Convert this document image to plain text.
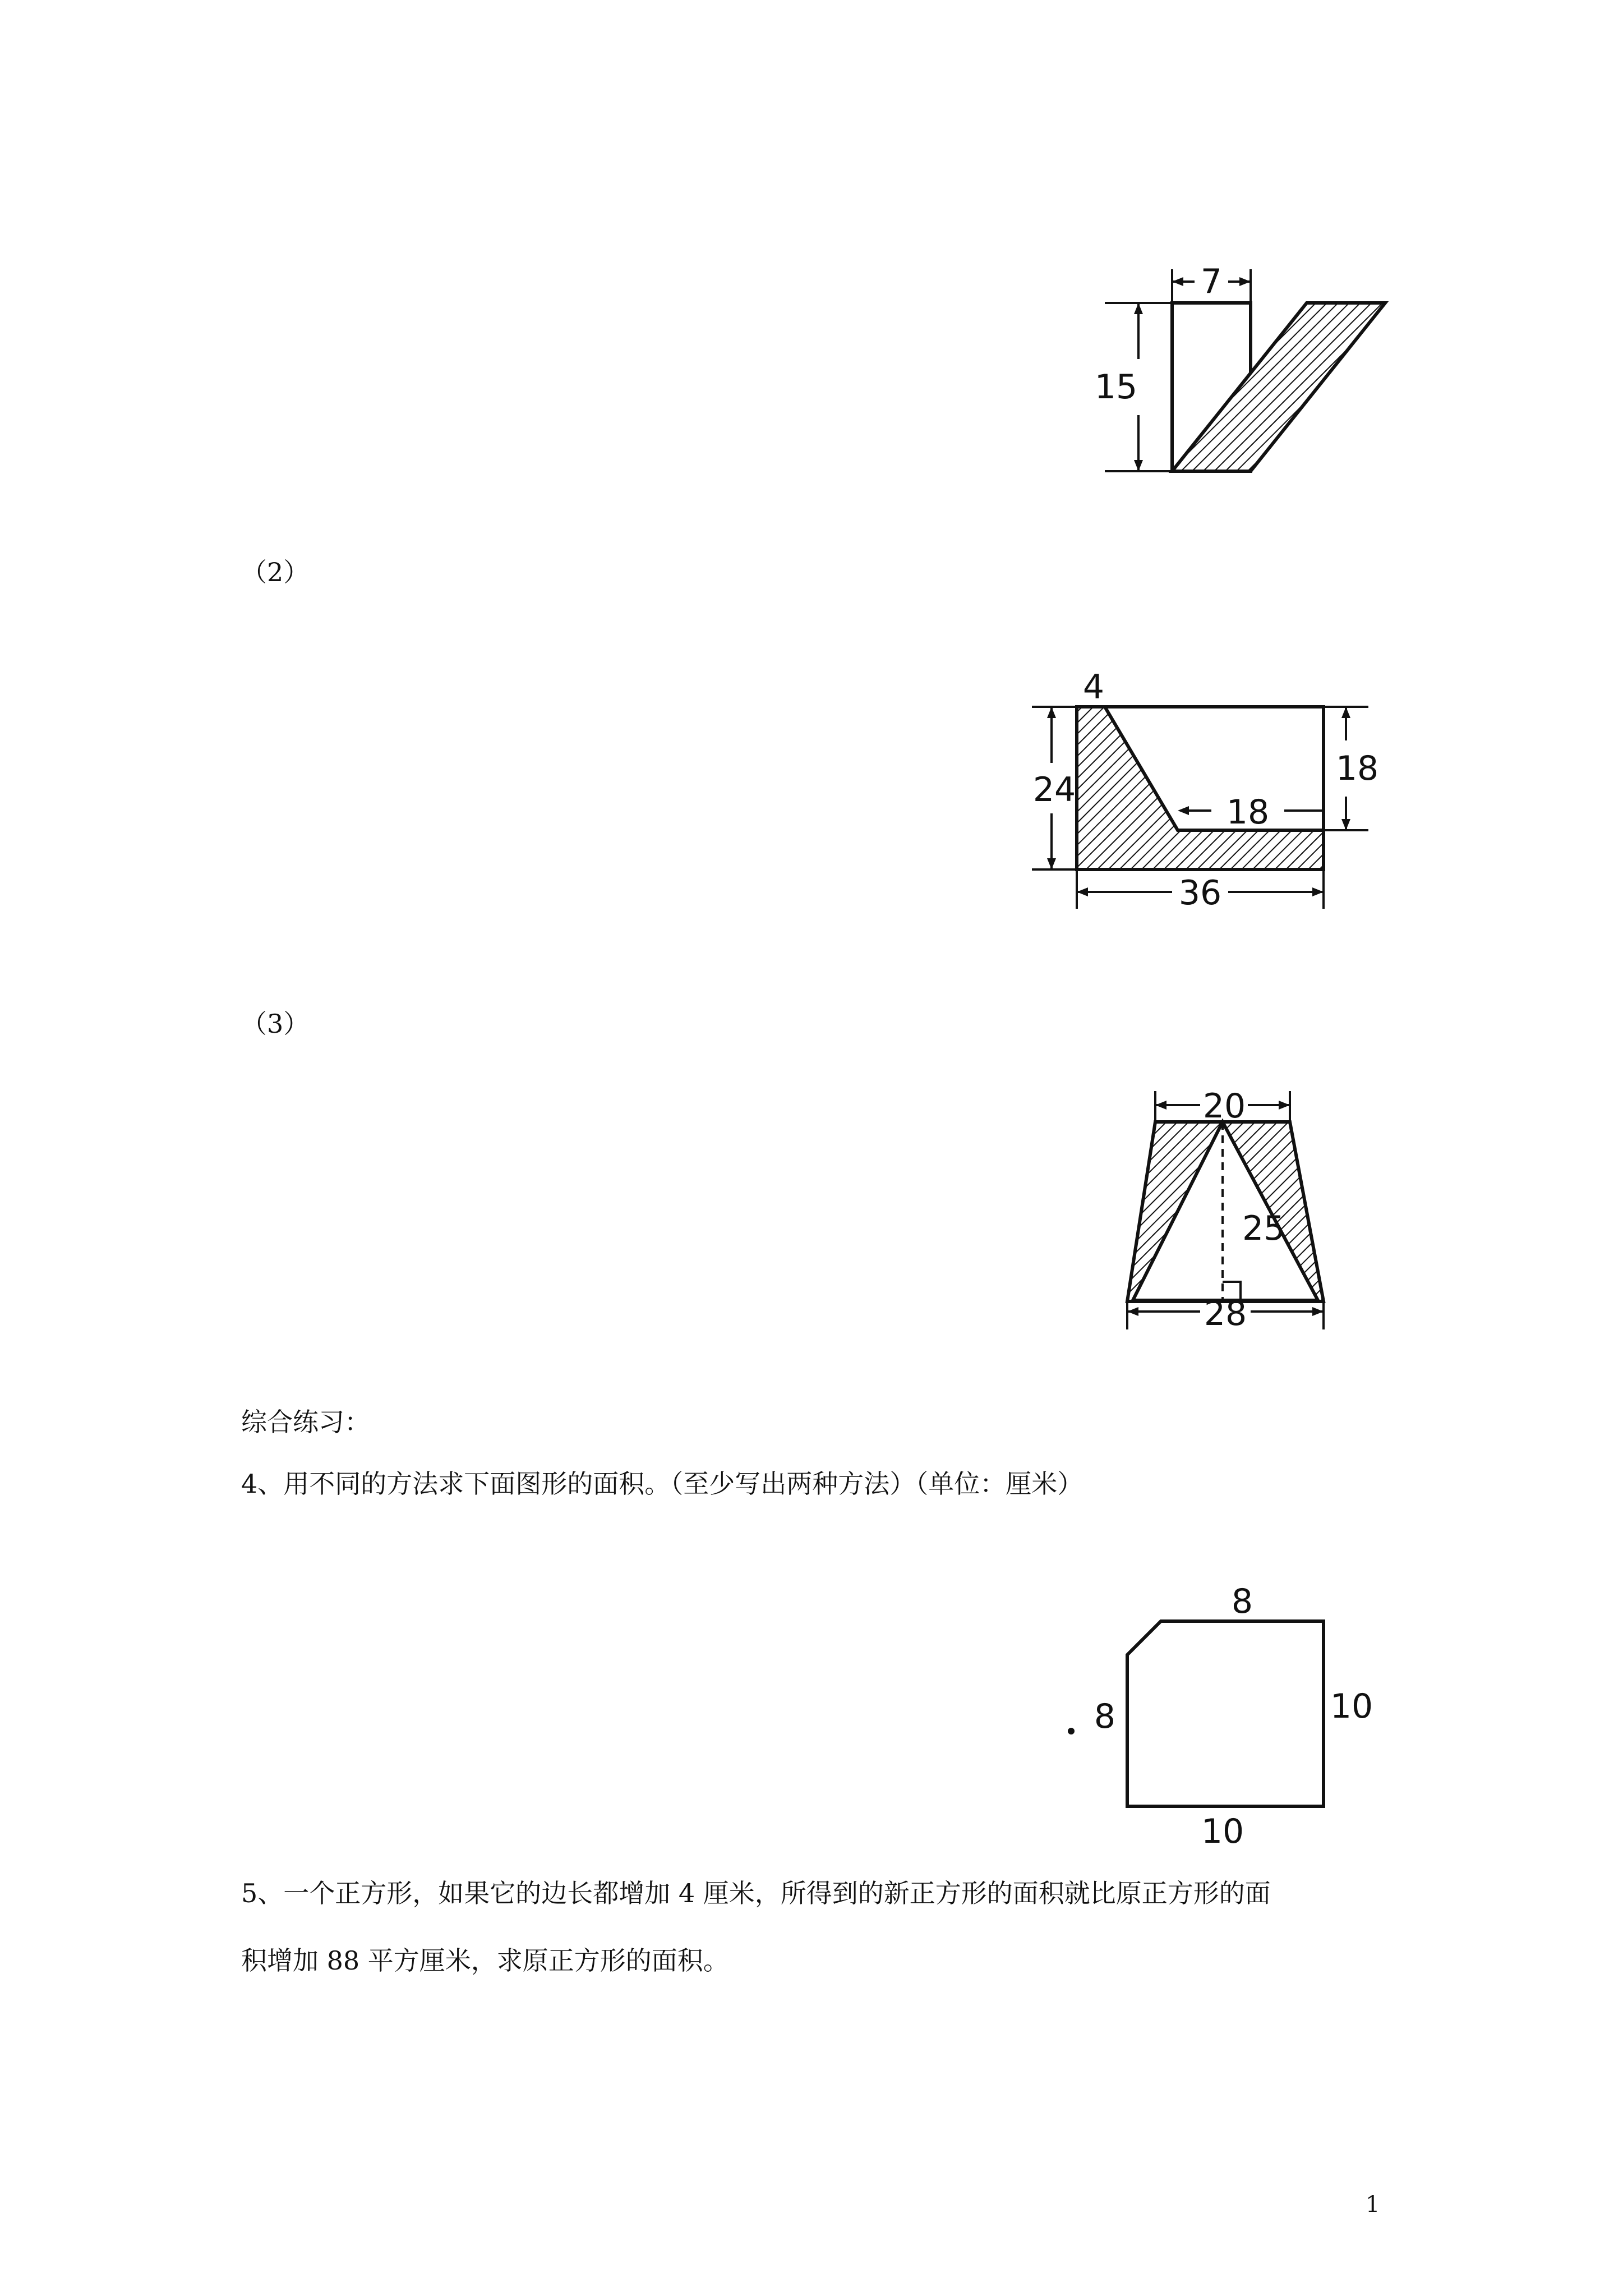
7
15
（2）
4
24
18
18
36
（3）
25
20
28
综合练习：
4、用不同的方法求下面图形的面积。（至少写出两种方法）（单位：厘米）
8
8	10
10
5、一个正方形，如果它的边长都增加 4 厘米，所得到的新正方形的面积就比原正方形的面
积增加 88 平方厘米，求原正方形的面积。
1
